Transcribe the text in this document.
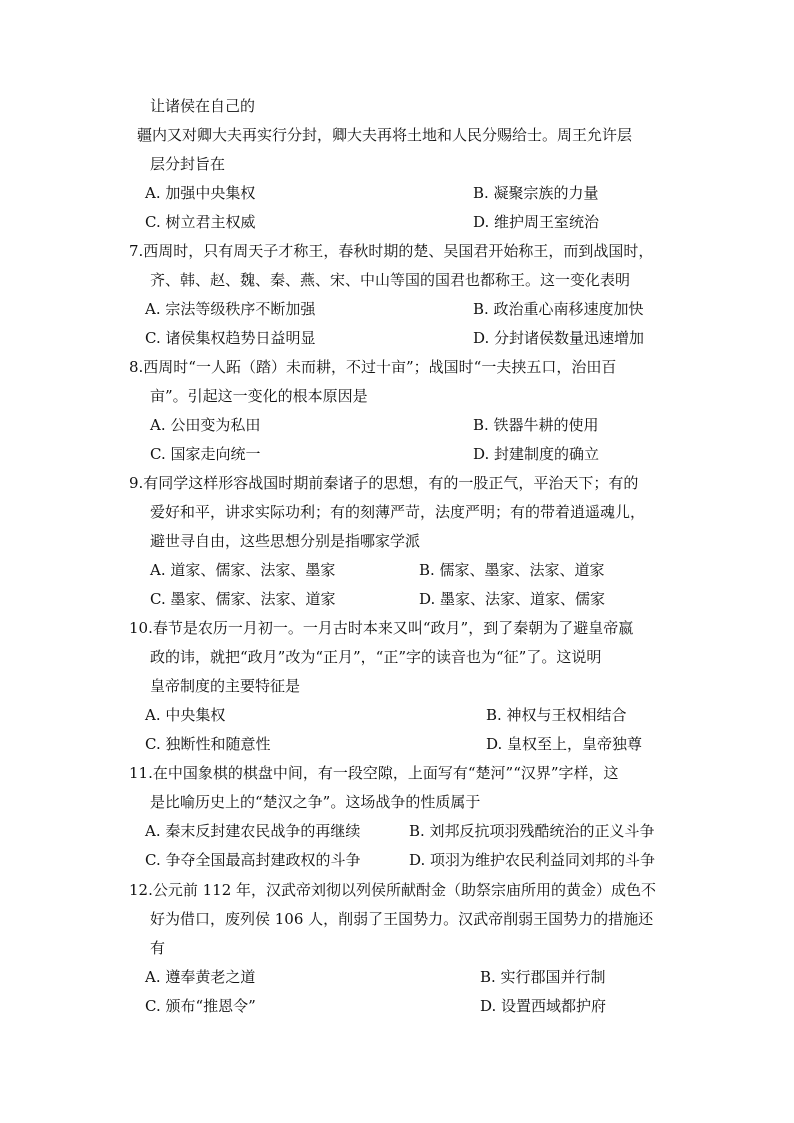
让诸侯在自己的
疆内又对卿大夫再实行分封，卿大夫再将土地和人民分赐给士。周王允许层
层分封旨在
A. 加强中央集权	B. 凝聚宗族的力量
C. 树立君主权威	D. 维护周王室统治
7.西周时，只有周天子才称王，春秋时期的楚、吴国君开始称王，而到战国时，
齐、韩、赵、魏、秦、燕、宋、中山等国的国君也都称王。这一变化表明
A. 宗法等级秩序不断加强	B. 政治重心南移速度加快
C. 诸侯集权趋势日益明显	D. 分封诸侯数量迅速增加
8.西周时“一人跖（踏）未而耕，不过十亩”；战国时“一夫挟五口，治田百
亩”。引起这一变化的根本原因是
A. 公田变为私田	B. 铁器牛耕的使用
C. 国家走向统一	D. 封建制度的确立
9.有同学这样形容战国时期前秦诸子的思想，有的一股正气，平治天下；有的
爱好和平，讲求实际功利；有的刻薄严苛，法度严明；有的带着逍遥魂儿，
避世寻自由，这些思想分别是指哪家学派
A. 道家、儒家、法家、墨家	B. 儒家、墨家、法家、道家
C. 墨家、儒家、法家、道家	D. 墨家、法家、道家、儒家
10.春节是农历一月初一。一月古时本来又叫“政月”，到了秦朝为了避皇帝嬴
政的讳，就把“政月”改为“正月”，“正”字的读音也为“征”了。这说明
皇帝制度的主要特征是
A. 中央集权	B. 神权与王权相结合
C. 独断性和随意性	D. 皇权至上，皇帝独尊
11.在中国象棋的棋盘中间，有一段空隙，上面写有“楚河”“汉界”字样，这
是比喻历史上的“楚汉之争”。这场战争的性质属于
A. 秦末反封建农民战争的再继续	B. 刘邦反抗项羽残酷统治的正义斗争
C. 争夺全国最高封建政权的斗争	D. 项羽为维护农民利益同刘邦的斗争
12.公元前 112 年，汉武帝刘彻以列侯所献酎金（助祭宗庙所用的黄金）成色不
好为借口，废列侯 106 人，削弱了王国势力。汉武帝削弱王国势力的措施还
有
A. 遵奉黄老之道	B. 实行郡国并行制
C. 颁布“推恩令”	D. 设置西域都护府
